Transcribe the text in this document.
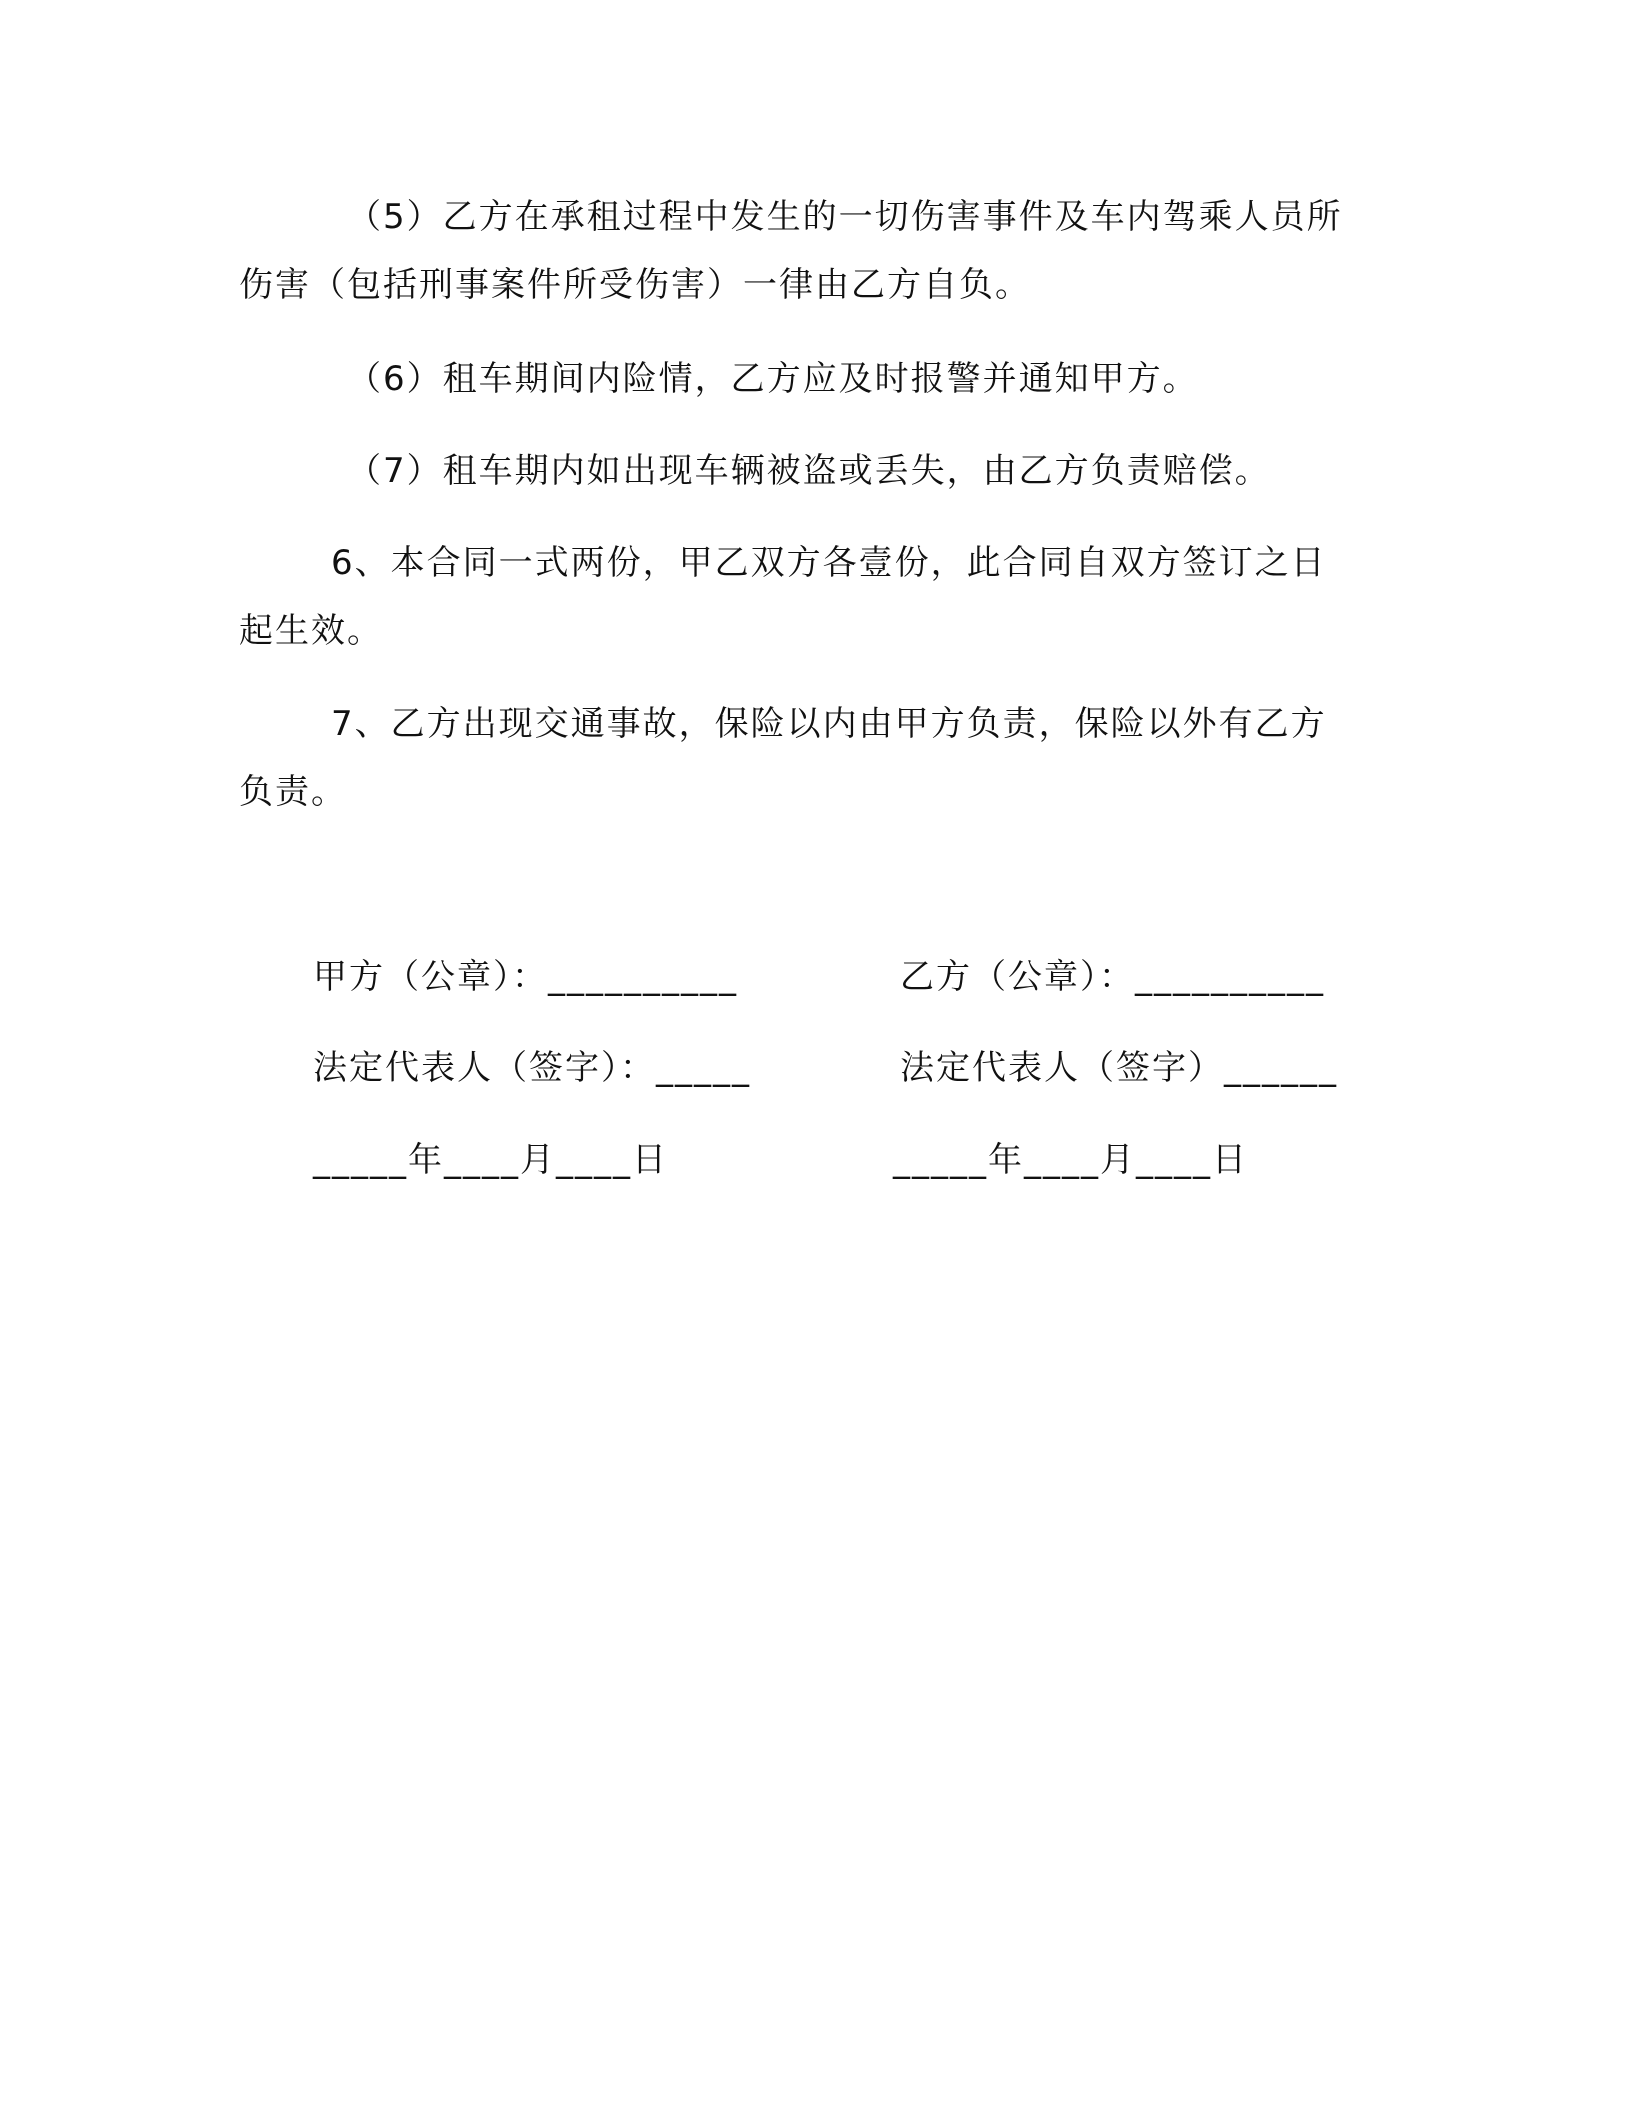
（5）乙方在承租过程中发生的一切伤害事件及车内驾乘人员所
伤害（包括刑事案件所受伤害）一律由乙方自负。

（6）租车期间内险情，乙方应及时报警并通知甲方。

（7）租车期内如出现车辆被盗或丢失，由乙方负责赔偿。

6、本合同一式两份，甲乙双方各壹份，此合同自双方签订之日
起生效。

7、乙方出现交通事故，保险以内由甲方负责，保险以外有乙方
负责。

甲方（公章）：__________	乙方（公章）：__________

法定代表人（签字）：_____	法定代表人（签字）______

_____年____月____日	_____年____月____日
